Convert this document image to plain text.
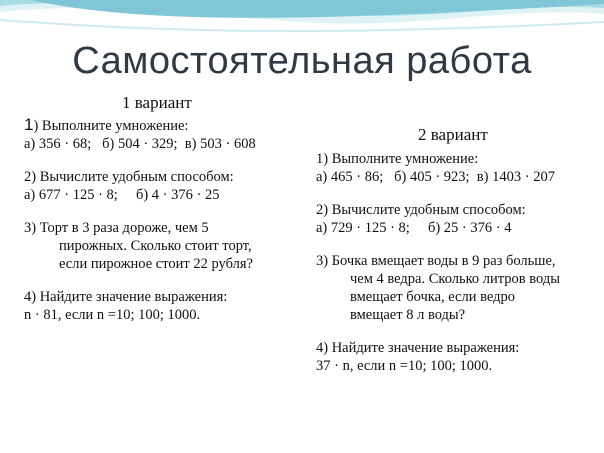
Самостоятельная работа
1 вариант
1) Выполните умножение:
а) 356 · 68;   б) 504 · 329;  в) 503 · 608
2) Вычислите удобным способом:
а) 677 · 125 · 8;     б) 4 · 376 · 25
3) Торт в 3 раза дороже, чем 5
пирожных. Сколько стоит торт,
если пирожное стоит 22 рубля?
4) Найдите значение выражения:
n · 81, если n =10; 100; 1000.
2 вариант
1) Выполните умножение:
а) 465 · 86;   б) 405 · 923;  в) 1403 · 207
2) Вычислите удобным способом:
а) 729 · 125 · 8;     б) 25 · 376 · 4
3) Бочка вмещает воды в 9 раз больше,
чем 4 ведра. Сколько литров воды
вмещает бочка, если ведро
вмещает 8 л воды?
4) Найдите значение выражения:
37 · n, если n =10; 100; 1000.
